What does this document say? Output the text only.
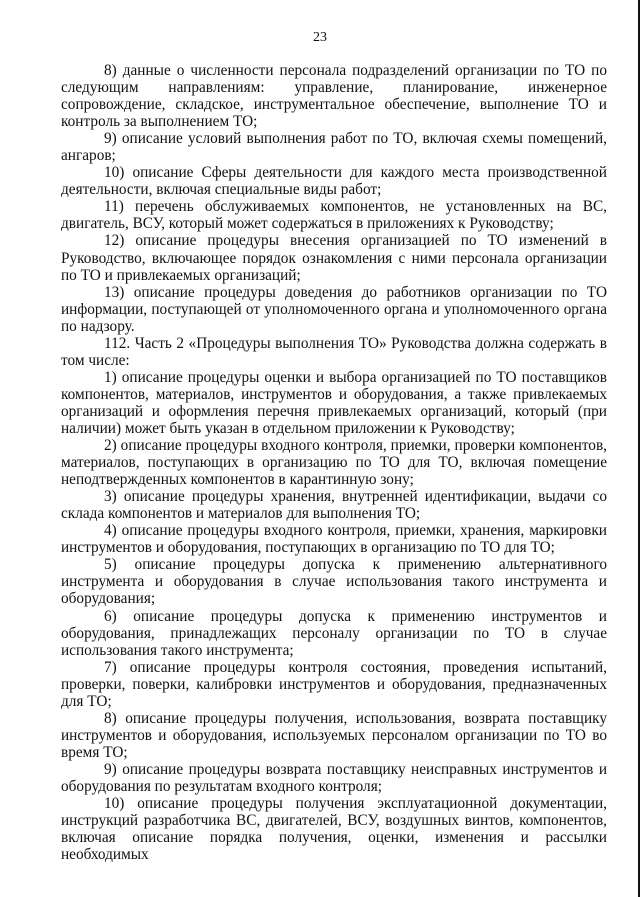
23

8) данные о численности персонала подразделений организации по ТО по следующим направлениям: управление, планирование, инженерное сопровождение, складское, инструментальное обеспечение, выполнение ТО и контроль за выполнением ТО;

9) описание условий выполнения работ по ТО, включая схемы помещений, ангаров;

10) описание Сферы деятельности для каждого места производственной деятельности, включая специальные виды работ;

11) перечень обслуживаемых компонентов, не установленных на ВС, двигатель, ВСУ, который может содержаться в приложениях к Руководству;

12) описание процедуры внесения организацией по ТО изменений в Руководство, включающее порядок ознакомления с ними персонала организации по ТО и привлекаемых организаций;

13) описание процедуры доведения до работников организации по ТО информации, поступающей от уполномоченного органа и уполномоченного органа по надзору.

112. Часть 2 «Процедуры выполнения ТО» Руководства должна содержать в том числе:

1) описание процедуры оценки и выбора организацией по ТО поставщиков компонентов, материалов, инструментов и оборудования, а также привлекаемых организаций и оформления перечня привлекаемых организаций, который (при наличии) может быть указан в отдельном приложении к Руководству;

2) описание процедуры входного контроля, приемки, проверки компонентов, материалов, поступающих в организацию по ТО для ТО, включая помещение неподтвержденных компонентов в карантинную зону;

3) описание процедуры хранения, внутренней идентификации, выдачи со склада компонентов и материалов для выполнения ТО;

4) описание процедуры входного контроля, приемки, хранения, маркировки инструментов и оборудования, поступающих в организацию по ТО для ТО;

5) описание процедуры допуска к применению альтернативного инструмента и оборудования в случае использования такого инструмента и оборудования;

6) описание процедуры допуска к применению инструментов и оборудования, принадлежащих персоналу организации по ТО в случае использования такого инструмента;

7) описание процедуры контроля состояния, проведения испытаний, проверки, поверки, калибровки инструментов и оборудования, предназначенных для ТО;

8) описание процедуры получения, использования, возврата поставщику инструментов и оборудования, используемых персоналом организации по ТО во время ТО;

9) описание процедуры возврата поставщику неисправных инструментов и оборудования по результатам входного контроля;

10) описание процедуры получения эксплуатационной документации, инструкций разработчика ВС, двигателей, ВСУ, воздушных винтов, компонентов, включая описание порядка получения, оценки, изменения и рассылки необходимых
